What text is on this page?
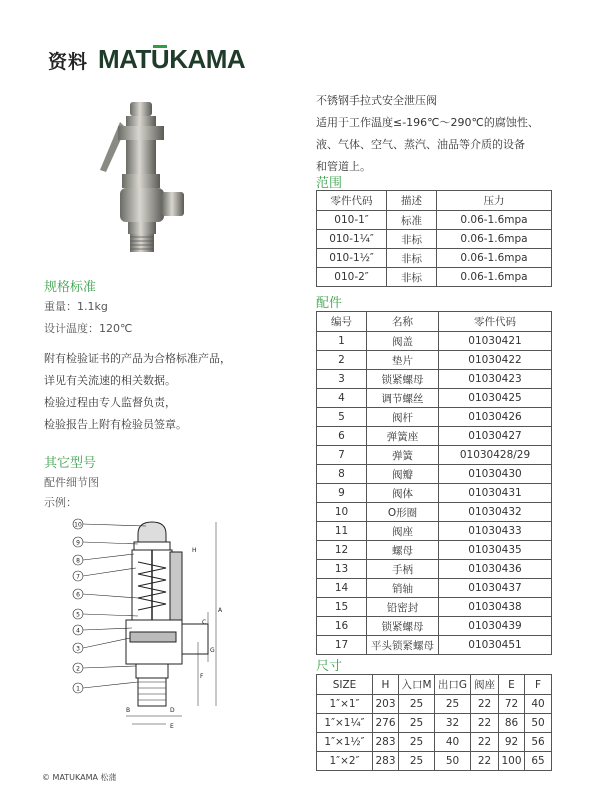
资料 MATUKAMA
规格标准
重量：1.1kg
设计温度：120℃
附有检验证书的产品为合格标准产品，
详见有关流速的相关数据。
检验过程由专人监督负责，
检验报告上附有检验员签章。
其它型号
配件细节图
示例：
10
9
8
7
6
5
4
3
2
1
H
A
C
F
G
D
B
E
不锈钢手拉式安全泄压阀
适用于工作温度≤-196℃～290℃的腐蚀性、
液、气体、空气、蒸汽、油品等介质的设备
和管道上。
范围
零件代码	描述	压力
010-1″	标准	0.06-1.6mpa
010-1¼″	非标	0.06-1.6mpa
010-1½″	非标	0.06-1.6mpa
010-2″	非标	0.06-1.6mpa
配件
编号	名称	零件代码
1	阀盖	01030421
2	垫片	01030422
3	锁紧螺母	01030423
4	调节螺丝	01030425
5	阀杆	01030426
6	弹簧座	01030427
7	弹簧	01030428/29
8	阀瓣	01030430
9	阀体	01030431
10	O形圈	01030432
11	阀座	01030433
12	螺母	01030435
13	手柄	01030436
14	销轴	01030437
15	铅密封	01030438
16	锁紧螺母	01030439
17	平头锁紧螺母	01030451
尺寸
SIZE	H	入口M	出口G	阀座	E	F
1″×1″	203	25	25	22	72	40
1″×1¼″	276	25	32	22	86	50
1″×1½″	283	25	40	22	92	56
1″×2″	283	25	50	22	100	65
© MATUKAMA 松蒲
